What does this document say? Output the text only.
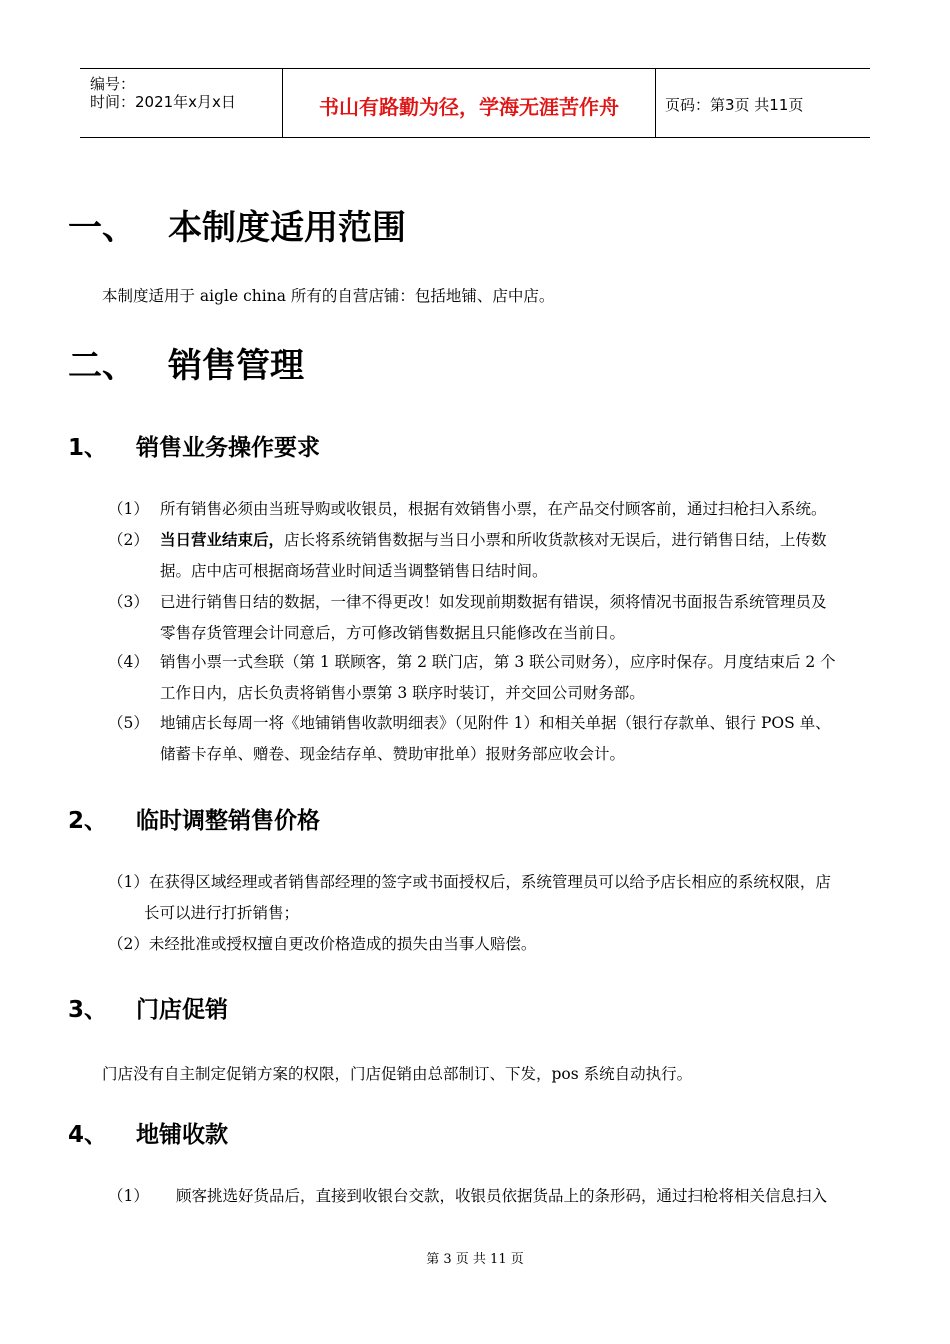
编号：
时间：2021年x月x日	书山有路勤为径，学海无涯苦作舟	页码：第3页 共11页
一、 本制度适用范围
本制度适用于 aigle china 所有的自营店铺：包括地铺、店中店。
二、 销售管理
1、 销售业务操作要求
（1） 所有销售必须由当班导购或收银员，根据有效销售小票，在产品交付顾客前，通过扫枪扫入系统。
（2） 当日营业结束后，店长将系统销售数据与当日小票和所收货款核对无误后，进行销售日结，上传数
据。店中店可根据商场营业时间适当调整销售日结时间。
（3） 已进行销售日结的数据，一律不得更改！如发现前期数据有错误，须将情况书面报告系统管理员及
零售存货管理会计同意后，方可修改销售数据且只能修改在当前日。
（4） 销售小票一式叁联（第 1 联顾客，第 2 联门店，第 3 联公司财务），应序时保存。月度结束后 2 个
工作日内，店长负责将销售小票第 3 联序时装订，并交回公司财务部。
（5） 地铺店长每周一将《地铺销售收款明细表》（见附件 1）和相关单据（银行存款单、银行 POS 单、
储蓄卡存单、赠卷、现金结存单、赞助审批单）报财务部应收会计。
2、 临时调整销售价格
（1）在获得区域经理或者销售部经理的签字或书面授权后，系统管理员可以给予店长相应的系统权限，店
长可以进行打折销售；
（2）未经批准或授权擅自更改价格造成的损失由当事人赔偿。
3、 门店促销
门店没有自主制定促销方案的权限，门店促销由总部制订、下发，pos 系统自动执行。
4、 地铺收款
（1） 顾客挑选好货品后，直接到收银台交款，收银员依据货品上的条形码，通过扫枪将相关信息扫入
第 3 页 共 11 页
